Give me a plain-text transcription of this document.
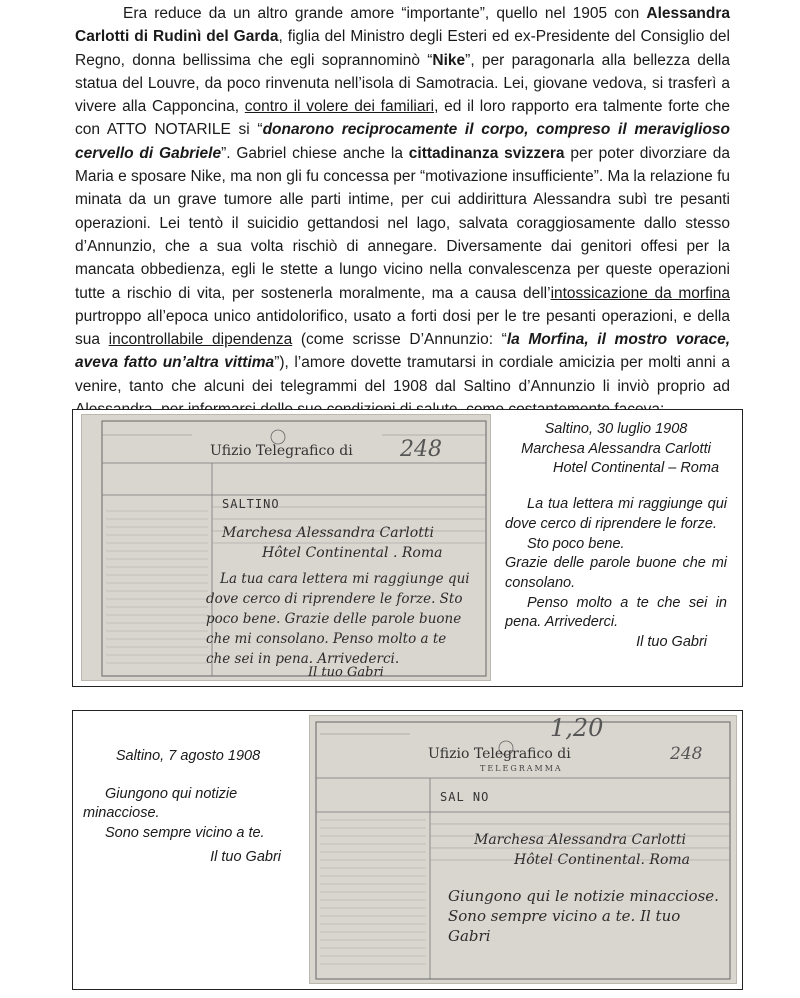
Era reduce da un altro grande amore “importante”, quello nel 1905 con Alessandra Carlotti di Rudinì del Garda, figlia del Ministro degli Esteri ed ex-Presidente del Consiglio del Regno, donna bellissima che egli soprannominò “Nike”, per paragonarla alla bellezza della statua del Louvre, da poco rinvenuta nell’isola di Samotracia. Lei, giovane vedova, si trasferì a vivere alla Capponcina, contro il volere dei familiari, ed il loro rapporto era talmente forte che con ATTO NOTARILE si “donarono reciprocamente il corpo, compreso il meraviglioso cervello di Gabriele”. Gabriel chiese anche la cittadinanza svizzera per poter divorziare da Maria e sposare Nike, ma non gli fu concessa per “motivazione insufficiente”. Ma la relazione fu minata da un grave tumore alle parti intime, per cui addirittura Alessandra subì tre pesanti operazioni. Lei tentò il suicidio gettandosi nel lago, salvata coraggiosamente dallo stesso d’Annunzio, che a sua volta rischiò di annegare. Diversamente dai genitori offesi per la mancata obbedienza, egli le stette a lungo vicino nella convalescenza per queste operazioni tutte a rischio di vita, per sostenerla moralmente, ma a causa dell’intossicazione da morfina purtroppo all’epoca unico antidolorifico, usato a forti dosi per le tre pesanti operazioni, e della sua incontrollabile dipendenza (come scrisse D’Annunzio: “la Morfina, il mostro vorace, aveva fatto un’altra vittima”), l’amore dovette tramutarsi in cordiale amicizia per molti anni a venire, tanto che alcuni dei telegrammi del 1908 dal Saltino d’Annunzio li inviò proprio ad

Ufizio Telegrafico di 248
SALTINO
Marchesa Alessandra Carlotti
Hôtel Continental . Roma
La tua cara lettera mi raggiunge qui
dove cerco di riprendere le forze. Sto
poco bene. Grazie delle parole buone
che mi consolano. Penso molto a te
che sei in pena. Arrivederci.
Il tuo Gabri
Saltino, 30 luglio 1908
Marchesa Alessandra Carlotti
Hotel Continental – Roma
La tua lettera mi raggiunge qui dove cerco di riprendere le forze.
Sto poco bene.
Grazie delle parole buone che mi consolano.
Penso molto a te che sei in pena. Arrivederci.
Il tuo Gabri
Saltino, 7 agosto 1908
Giungono qui notizie minacciose.
Sono sempre vicino a te.
Il tuo Gabri
Ufizio Telegrafico di
TELEGRAMMA
1,20
248
SAL NO
Marchesa Alessandra Carlotti
Hôtel Continental. Roma
Giungono qui le notizie minacciose.
Sono sempre vicino a te. Il tuo
Gabri
